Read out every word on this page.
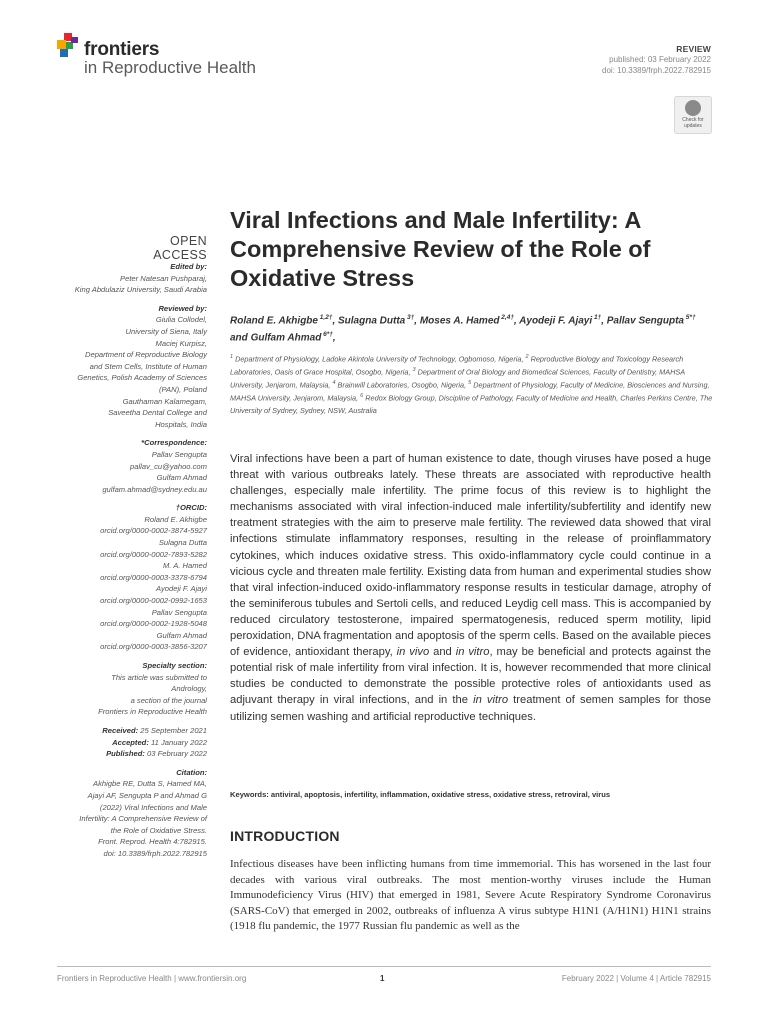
frontiers
in Reproductive Health
REVIEW
published: 03 February 2022
doi: 10.3389/frph.2022.782915
Check for updates
OPEN ACCESS
Edited by:
Peter Natesan Pushparaj,
King Abdulaziz University, Saudi Arabia
Reviewed by:
Giulia Collodel,
University of Siena, Italy
Maciej Kurpisz,
Department of Reproductive Biology
and Stem Cells, Institute of Human
Genetics, Polish Academy of Sciences
(PAN), Poland
Gauthaman Kalamegam,
Saveetha Dental College and
Hospitals, India
*Correspondence:
Pallav Sengupta
pallav_cu@yahoo.com
Gulfam Ahmad
gulfam.ahmad@sydney.edu.au
†ORCID:
Roland E. Akhigbe
orcid.org/0000-0002-3874-5927
Sulagna Dutta
orcid.org/0000-0002-7893-5282
M. A. Hamed
orcid.org/0000-0003-3378-6794
Ayodeji F. Ajayi
orcid.org/0000-0002-0992-1653
Pallav Sengupta
orcid.org/0000-0002-1928-5048
Gulfam Ahmad
orcid.org/0000-0003-3856-3207
Specialty section:
This article was submitted to
Andrology,
a section of the journal
Frontiers in Reproductive Health
Received: 25 September 2021
Accepted: 11 January 2022
Published: 03 February 2022
Citation:
Akhigbe RE, Dutta S, Hamed MA,
Ajayi AF, Sengupta P and Ahmad G
(2022) Viral Infections and Male
Infertility: A Comprehensive Review of
the Role of Oxidative Stress.
Front. Reprod. Health 4:782915.
doi: 10.3389/frph.2022.782915
Viral Infections and Male Infertility: A Comprehensive Review of the Role of Oxidative Stress
Roland E. Akhigbe $^{1,2\dagger}$, Sulagna Dutta $^{3\dagger}$, Moses A. Hamed $^{2,4\dagger}$, Ayodeji F. Ajayi $^{1\dagger}$, Pallav Sengupta $^{5*\dagger}$ and Gulfam Ahmad $^{6*\dagger}$,
$^1$ Department of Physiology, Ladoke Akintola University of Technology, Ogbomoso, Nigeria, $^2$ Reproductive Biology and Toxicology Research Laboratories, Oasis of Grace Hospital, Osogbo, Nigeria, $^3$ Department of Oral Biology and Biomedical Sciences, Faculty of Dentistry, MAHSA University, Jenjarom, Malaysia, $^4$ Brainwill Laboratories, Osogbo, Nigeria, $^5$ Department of Physiology, Faculty of Medicine, Biosciences and Nursing, MAHSA University, Jenjarom, Malaysia, $^6$ Redox Biology Group, Discipline of Pathology, Faculty of Medicine and Health, Charles Perkins Centre, The University of Sydney, Sydney, NSW, Australia
Viral infections have been a part of human existence to date, though viruses have posed a huge threat with various outbreaks lately. These threats are associated with reproductive health challenges, especially male infertility. The prime focus of this review is to highlight the mechanisms associated with viral infection-induced male infertility/subfertility and identify new treatment strategies with the aim to preserve male fertility. The reviewed data showed that viral infections stimulate inflammatory responses, resulting in the release of proinflammatory cytokines, which induces oxidative stress. This oxido-inflammatory cycle could continue in a vicious cycle and threaten male fertility. Existing data from human and experimental studies show that viral infection-induced oxido-inflammatory response results in testicular damage, atrophy of the seminiferous tubules and Sertoli cells, and reduced Leydig cell mass. This is accompanied by reduced circulatory testosterone, impaired spermatogenesis, reduced sperm motility, lipid peroxidation, DNA fragmentation and apoptosis of the sperm cells. Based on the available pieces of evidence, antioxidant therapy, in vivo and in vitro, may be beneficial and protects against the potential risk of male infertility from viral infection. It is, however recommended that more clinical studies be conducted to demonstrate the possible protective roles of antioxidants used as adjuvant therapy in viral infections, and in the in vitro treatment of semen samples for those utilizing semen washing and artificial reproductive techniques.
Keywords: antiviral, apoptosis, infertility, inflammation, oxidative stress, oxidative stress, retroviral, virus
INTRODUCTION
Infectious diseases have been inflicting humans from time immemorial. This has worsened in the last four decades with various viral outbreaks. The most mention-worthy viruses include the Human Immunodeficiency Virus (HIV) that emerged in 1981, Severe Acute Respiratory Syndrome Coronavirus (SARS-CoV) that emerged in 2002, outbreaks of influenza A virus subtype H1N1 (A/H1N1) H1N1 strains (1918 flu pandemic, the 1977 Russian flu pandemic as well as the
Frontiers in Reproductive Health | www.frontiersin.org	1	February 2022 | Volume 4 | Article 782915
